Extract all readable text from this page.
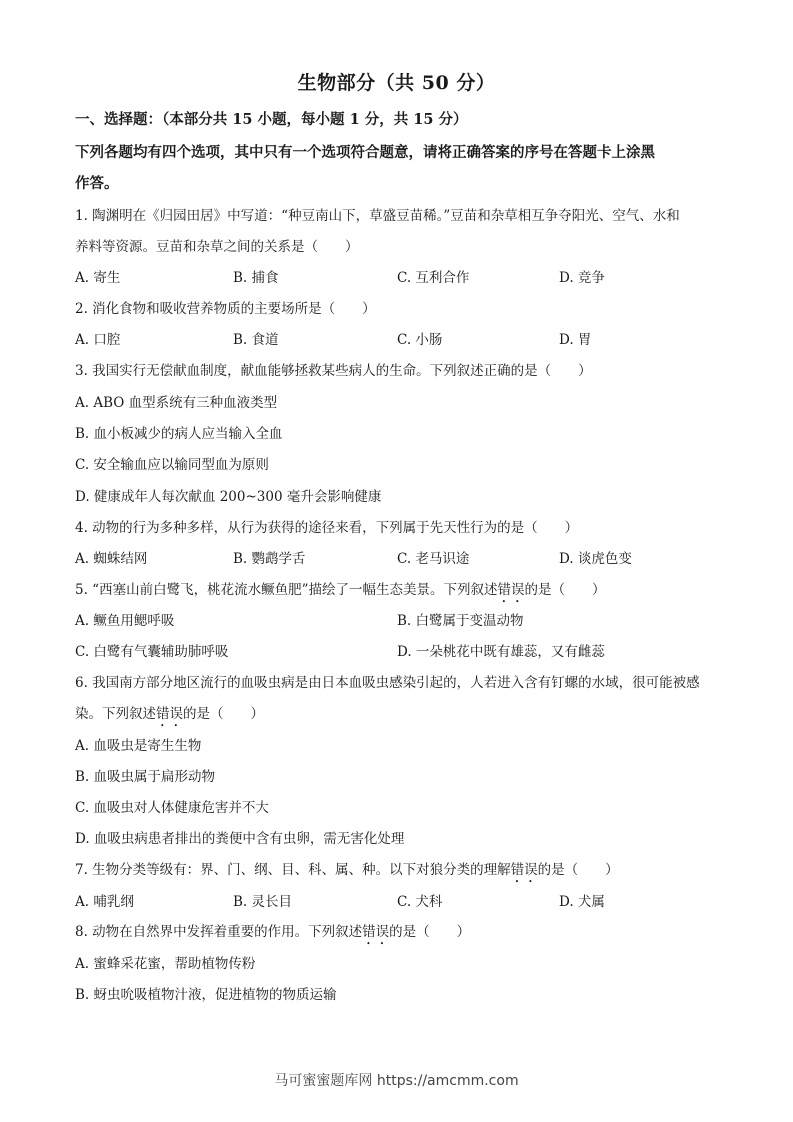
生物部分（共 50 分）
一、选择题：（本部分共 15 小题，每小题 1 分，共 15 分）
下列各题均有四个选项，其中只有一个选项符合题意，请将正确答案的序号在答题卡上涂黑
作答。
1. 陶渊明在《归园田居》中写道：“种豆南山下，草盛豆苗稀。”豆苗和杂草相互争夺阳光、空气、水和
养料等资源。豆苗和杂草之间的关系是（　　）
A. 寄生	B. 捕食	C. 互利合作	D. 竞争
2. 消化食物和吸收营养物质的主要场所是（　　）
A. 口腔	B. 食道	C. 小肠	D. 胃
3. 我国实行无偿献血制度，献血能够拯救某些病人的生命。下列叙述正确的是（　　）
A. ABO 血型系统有三种血液类型
B. 血小板减少的病人应当输入全血
C. 安全输血应以输同型血为原则
D. 健康成年人每次献血 200~300 毫升会影响健康
4. 动物的行为多种多样，从行为获得的途径来看，下列属于先天性行为的是（　　）
A. 蜘蛛结网	B. 鹦鹉学舌	C. 老马识途	D. 谈虎色变
5. “西塞山前白鹭飞，桃花流水鳜鱼肥”描绘了一幅生态美景。下列叙述错误的是（　　）
A. 鳜鱼用鳃呼吸	B. 白鹭属于变温动物
C. 白鹭有气囊辅助肺呼吸	D. 一朵桃花中既有雄蕊，又有雌蕊
6. 我国南方部分地区流行的血吸虫病是由日本血吸虫感染引起的，人若进入含有钉螺的水域，很可能被感
染。下列叙述错误的是（　　）
A. 血吸虫是寄生生物
B. 血吸虫属于扁形动物
C. 血吸虫对人体健康危害并不大
D. 血吸虫病患者排出的粪便中含有虫卵，需无害化处理
7. 生物分类等级有：界、门、纲、目、科、属、种。以下对狼分类的理解错误的是（　　）
A. 哺乳纲	B. 灵长目	C. 犬科	D. 犬属
8. 动物在自然界中发挥着重要的作用。下列叙述错误的是（　　）
A. 蜜蜂采花蜜，帮助植物传粉
B. 蚜虫吮吸植物汁液，促进植物的物质运输
马可蜜蜜题库网 https://amcmm.com
